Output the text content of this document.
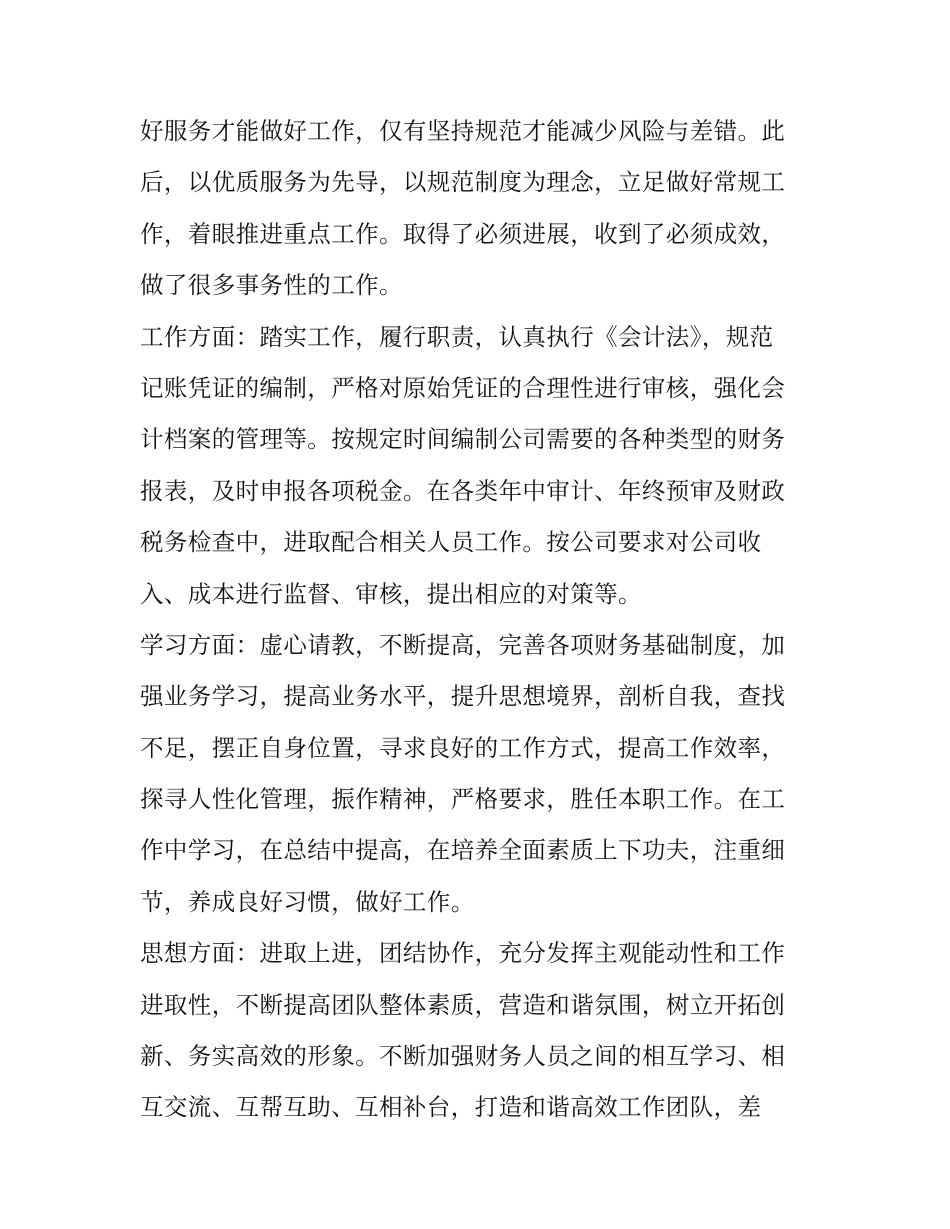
好服务才能做好工作，仅有坚持规范才能减少风险与差错。此
后，以优质服务为先导，以规范制度为理念，立足做好常规工
作，着眼推进重点工作。取得了必须进展，收到了必须成效，
做了很多事务性的工作。
工作方面：踏实工作，履行职责，认真执行《会计法》，规范
记账凭证的编制，严格对原始凭证的合理性进行审核，强化会
计档案的管理等。按规定时间编制公司需要的各种类型的财务
报表，及时申报各项税金。在各类年中审计、年终预审及财政
税务检查中，进取配合相关人员工作。按公司要求对公司收
入、成本进行监督、审核，提出相应的对策等。
学习方面：虚心请教，不断提高，完善各项财务基础制度，加
强业务学习，提高业务水平，提升思想境界，剖析自我，查找
不足，摆正自身位置，寻求良好的工作方式，提高工作效率，
探寻人性化管理，振作精神，严格要求，胜任本职工作。在工
作中学习，在总结中提高，在培养全面素质上下功夫，注重细
节，养成良好习惯，做好工作。
思想方面：进取上进，团结协作，充分发挥主观能动性和工作
进取性，不断提高团队整体素质，营造和谐氛围，树立开拓创
新、务实高效的形象。不断加强财务人员之间的相互学习、相
互交流、互帮互助、互相补台，打造和谐高效工作团队，差
